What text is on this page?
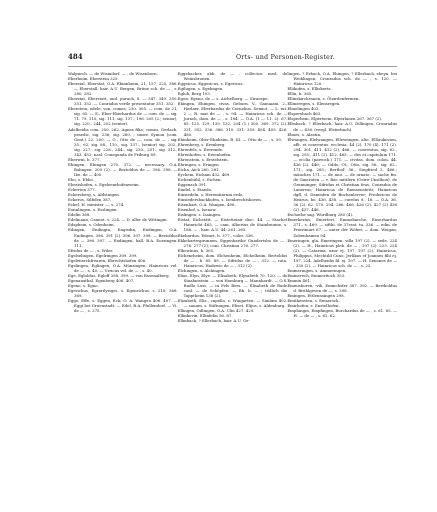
484	Orts- und Personen-Register.
Walpurch. — de Wisindorf. — , de Wisenborn.
Eberhoim, Eberstein 325.
Eberstal, Eberstat, O.A. Ebinnheim, 21, 157, 225, 386. — Eberstall, hair. A.U. Bergen, Brüne sch. de — , s. 280. 282.
Eberstat, Eberstatt, und. purach, 8. — 347. 349. 350. 351. 352. — Conradus verde presentatur 351, 352.
Eberstein, edele, von, comes, 230. 305. — com. de 21, sig. 65. — E., Eber-Eberhardus de — com. de — sig. 71. 79. 110, sig. 111, sig. 137., 196. 205 (2.; senior), sig. 220., 244, 252 (senior).
Adelheidis com. 250. 262. Agnes filia; comes, Gerlach. praedic, sig. 236; sig. 260. ; uxore Symon (com. Gent.) 22. 200. — O., Otto de —, com. de — , sig. 35., 62, sig. 88., 110., sig. 137., (senior) sig. 202., sig. 227., sig. 228., 244., sig. 250., 251., sig. 312., 343. 452; nasl. Conegunda de Friburg 89.
Eberwin, b. 377.
Ebingen, Ebingen 270. 372. — necessary. O.A. Balingen. 200 (2). — Bertoldus de — 396. 398. — Ibe. de — 400.
Ebo, s. Ebbo.
Ebratshofen, s. Egeleenrhofenweim.
Eckerton 377.
Eckersberg, s. Aldstingen.
Eckeros, Silfiden 387.
Eckel, H. minister —, s. 274.
Eonnlingen, s. Esslingen.
Edelin 368.
Edelmann, Cannot. s. 224. — D. aller de Wittingin.
Edsphein, s. Odenheim.
Edingen, Endingin, Engisdin, Endingen, O.A. Endingen. 396. 391 (2). 396. 397. 398. — Bertoldus de — 396. 397. — Endingen, hall. B.A. Eorzingen. 111.
Efridus de — , s. Wiler.
Egelselingen, Egelringen 309. 399.
Egelenerchfrearen, Ebrechtshofen 406.
Egelingen, Eglingen, O.A. Münzingen. Hainricus vel. de — , s. 40. — Vrricus vel. de — , s. 40.
Ege, Egloldus, Egloff 398. 399. — von Rosenalberg.
Egenanathal, Egenberg 406. 407.
Egeno, s. Egno.
Egerichus, Egrarilyriges, s. Egenrichus, s. 218. 368. 369.
Egge, Effe, s. Eggen, Eck, O. A. Wangen 406. 407. — Eggi bei Gruenstadt. — Edel, B.A. Pfullendorf. — Vi. de — , s. 275.
Eggebacher, abb. de — , collector. med. de Weinsbronen.
Eggeicus, Eggericus, s. Egericus.
Egilugen, s. Egelingen.
Egloh, Berg 103.
Egon, Egeno, de — s. Aichelberg. — Straespe.
Ehingen, Ehingen, civas. Geburn. V., Ganuaam. 2., Herlaer. Eberhardus de Cornelius. Semiot. — L. tut. 2 — R. mat de — , s. 94. — Hainricus sch. de — Jurach, dom. de — , s. 184. — O.A. (1 — 11. 2). 67. 85. 125. 129. 139. 132. 204 (1.) 305. 369. 372 (2). 331. 352. 336. 386. 310. 331. 359. 404. 405. 426. 480.
Ehinheim, Ober-Ehnheim, B. III. — Otto de — , s. 39.
Ehrenberg, s. Erenberg.
Ehrenfels, s. Ererende.
Ehrenhofen, s. Ersenhofen.
Ehrenstein, s. Erstelstein.
Ehringen, s. Eringen.
Eicha, Aich 260. 281.
Eychem, Eicham 432. 469.
Eichenbühl, s. Eichen.
Eggenach 391.
Eindel, s. Einedo.
Einsiedeln, s. Heremitarum ordo.
Einsiedersbackhofen, s. Isenbrechtskoven.
Eisenhart, O.A. Wangen, 406.
Eisenhof, s. Isenow.
Eislingen, s. Isaingen.
Eistat, Eichstätt. — Eistetteiair dioc. 44. — Stachet Hainricht 465. — cam. Albertus de Stainbronne, s. 188. — , hair. A.U. 44. 261. 265.
Ekehardus, Edeart, b. 377., coler. 336.
Ekkehartesprunnen, Eggenharthe Gundertsbo de — , 276. 277 (2); coni. Christina 276. 277.
Elbewinus, b. 305.
Elchenrheim, dom. Elchenheim, Elchelheim, Bertoldus de — , b. 85. 89. — Sifridus de — , 312. — rata. Hainricus, Hadewic de — , 312 (2).
Elchingen, s. Alchingen.
Elias, Elyn, Elye. — Elisabeth, Elysabeth 70. 120. — de Staabinstein. — von Homburg — Mannhardt. — O.S. Rudlo Lust. — in Fels Bers. — Elisabeth de Rude conl. — de Schöpfen. — Rb. b. — ; tödlich die Tapptheim 136 (2).
Elizabeth, Eliz., capella, s. Wingarten. — Sanlum 402. — sanum, s. Stiftungen, Eliset, Elijus, s. Aldenburg.
Ellingen, Odlingen, O.A. Ulm 427. 429.
Ellinkovin, Ellinfehn 56. 87.
Ellmbach, ? Ellerbach, hair. A.U. Ge-
lingen, ? Erbach, O.A. Ehingen, ? Ellerbach, ebeyn. bei Weiblingen, Cronradus sch. de — , s. 120. — Hainricus 120.
Ellikofen, s. Elliskerts.
Ellin, b. 365.
Ellinskirchesnen, s. Ötzirdenfermen.
Ellinsregen, s. Elensregen.
Elmelingen 403.
Elspersbach 463.
Elsperhein, Elpertsein, Elperlanen 267. 367 (2).
Elbsbach, ? Ellerbach, hair. A.U. Dillingen, Cronradus de — 436. (vergl. Elsterbach).
Elmes, s. Alastin.
Elwangen, Elelwangen, Ellewangen, alte. Elllaukovien, aflt. et conventus. ecclesia. 44 (2). 170 (4). 171 (2). 294. 301. 411. 412 (2). 466. — conventus, sig. 62., sig. 295., 411 (2). 412. 465. — des et capitulum 171. — ecclia (parroch.) 171. — civitas, dom. colon. 44. 436 (2). 446; — Oddo, Ot., Otto, sig. 56., sig. 62., 171., sig. 285.; Berthol' 56., Siegfried 2. 466.; mönches 171. — de moi. — de ornato: — sache fm. de Gmeruten — v. Bar. mittlern (Ostre-Unsilhon). de Grenninger; Sifridus et Christian feus. Conradus de Lanervai; Hainricus de Ramsenstetti; Hainricus dgfl. d. Damtsfen de Buchenlerver; Fredericus de Hearus, bo. 436. 438. — curelus 9., 16. — O.A. 36. 36 (2). 62. 170. 294. 286. 466. 426 (2). 427 (2) 436 (2). 437. 446.
Eschorbe sag. Würdburg 280 (4).
Emerkerius, Emertert, Emmebarche, Enserhardus 371., s. 469. — sifthi. de 37esst. tu. 336. — edin. de Priestmurt 67. — unter der Wöber, — dom. Weigan, Zobenhamen 94.
Emeringen, gla. Emeringen, villa 197 (2). — sede. 224 (2). — H., Hainricus pleb. de — , 197 (2). 223. 224 (2). — Catarina, uxor ej. 197. 197 (2). Hainricus, Philippus, Mechtild Cuno, Jerlikus ef Joannes filii ej. 197. 224. Adelheidis fil. ej. 197. — H. Senones de — , 330 (2). — Hainricus sch. de — , s. 23.
Emmeringen, s. Ammeringen.
Emmerech, Emmeritoch 353.
Emmin 461.
Emmishoren, -vih, Emmchsfer 387. 392. — Bertholdus d. Brühlgeven de —, s. 398.
Emingen, Ettlennsingen 298.
Emitkensten, s. Emsersch.
Emirhofen, s. Enstelhofen.
Emphingin, Empfingen, Burchardus de — , s. 61. 65. — H. — de — , s. 61. 62.
